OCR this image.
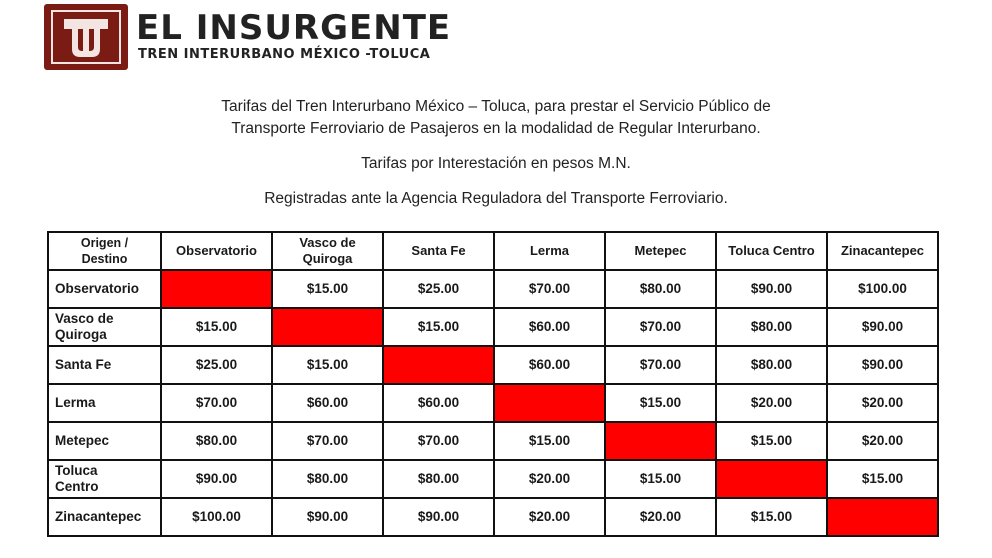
EL INSURGENTE
TREN INTERURBANO MÉXICO -TOLUCA
Tarifas del Tren Interurbano México – Toluca, para prestar el Servicio Público de
Transporte Ferroviario de Pasajeros en la modalidad de Regular Interurbano.
Tarifas por Interestación en pesos M.N.
Registradas ante la Agencia Reguladora del Transporte Ferroviario.
Origen /
Destino	Observatorio	Vasco de
Quiroga	Santa Fe	Lerma	Metepec	Toluca Centro	Zinacantepec
Observatorio		$15.00	$25.00	$70.00	$80.00	$90.00	$100.00
Vasco de
Quiroga	$15.00		$15.00	$60.00	$70.00	$80.00	$90.00
Santa Fe	$25.00	$15.00		$60.00	$70.00	$80.00	$90.00
Lerma	$70.00	$60.00	$60.00		$15.00	$20.00	$20.00
Metepec	$80.00	$70.00	$70.00	$15.00		$15.00	$20.00
Toluca
Centro	$90.00	$80.00	$80.00	$20.00	$15.00		$15.00
Zinacantepec	$100.00	$90.00	$90.00	$20.00	$20.00	$15.00	
